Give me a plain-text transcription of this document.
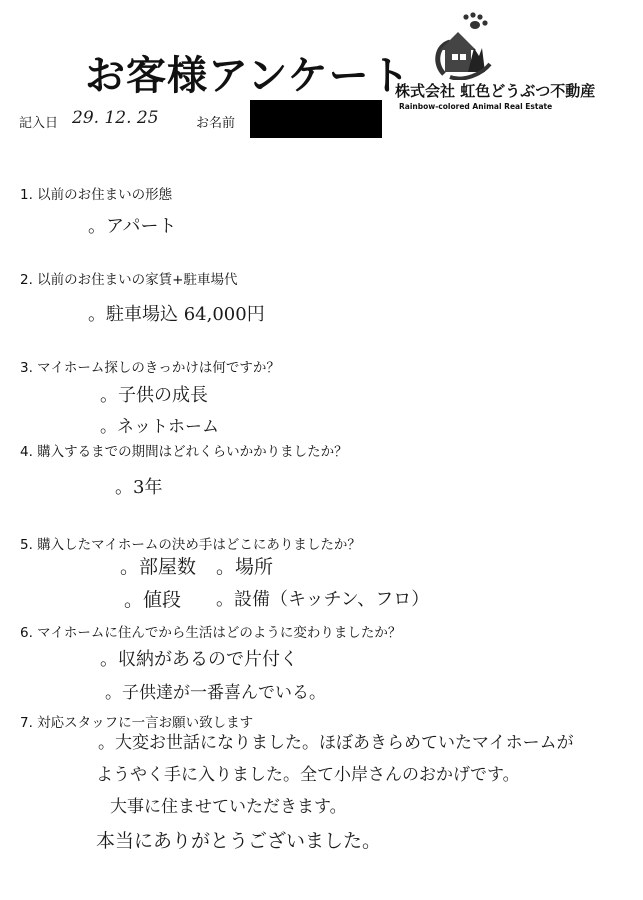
お客様アンケート
株式会社 虹色どうぶつ不動産
Rainbow-colored Animal Real Estate
記入日 29. 12. 25	お名前
1. 以前のお住まいの形態
。アパート
2. 以前のお住まいの家賃+駐車場代
。駐車場込 64,000円
3. マイホーム探しのきっかけは何ですか？
。子供の成長
。ネットホーム
4. 購入するまでの期間はどれくらいかかりましたか？
。3年
5. 購入したマイホームの決め手はどこにありましたか？
。部屋数 。場所
。値段 。設備（キッチン、フロ）
6. マイホームに住んでから生活はどのように変わりましたか？
。収納があるので片付く
。子供達が一番喜んでいる。
7. 対応スタッフに一言お願い致します
。大変お世話になりました。ほぼあきらめていたマイホームが
ようやく手に入りました。全て小岸さんのおかげです。
大事に住ませていただきます。
本当にありがとうございました。
